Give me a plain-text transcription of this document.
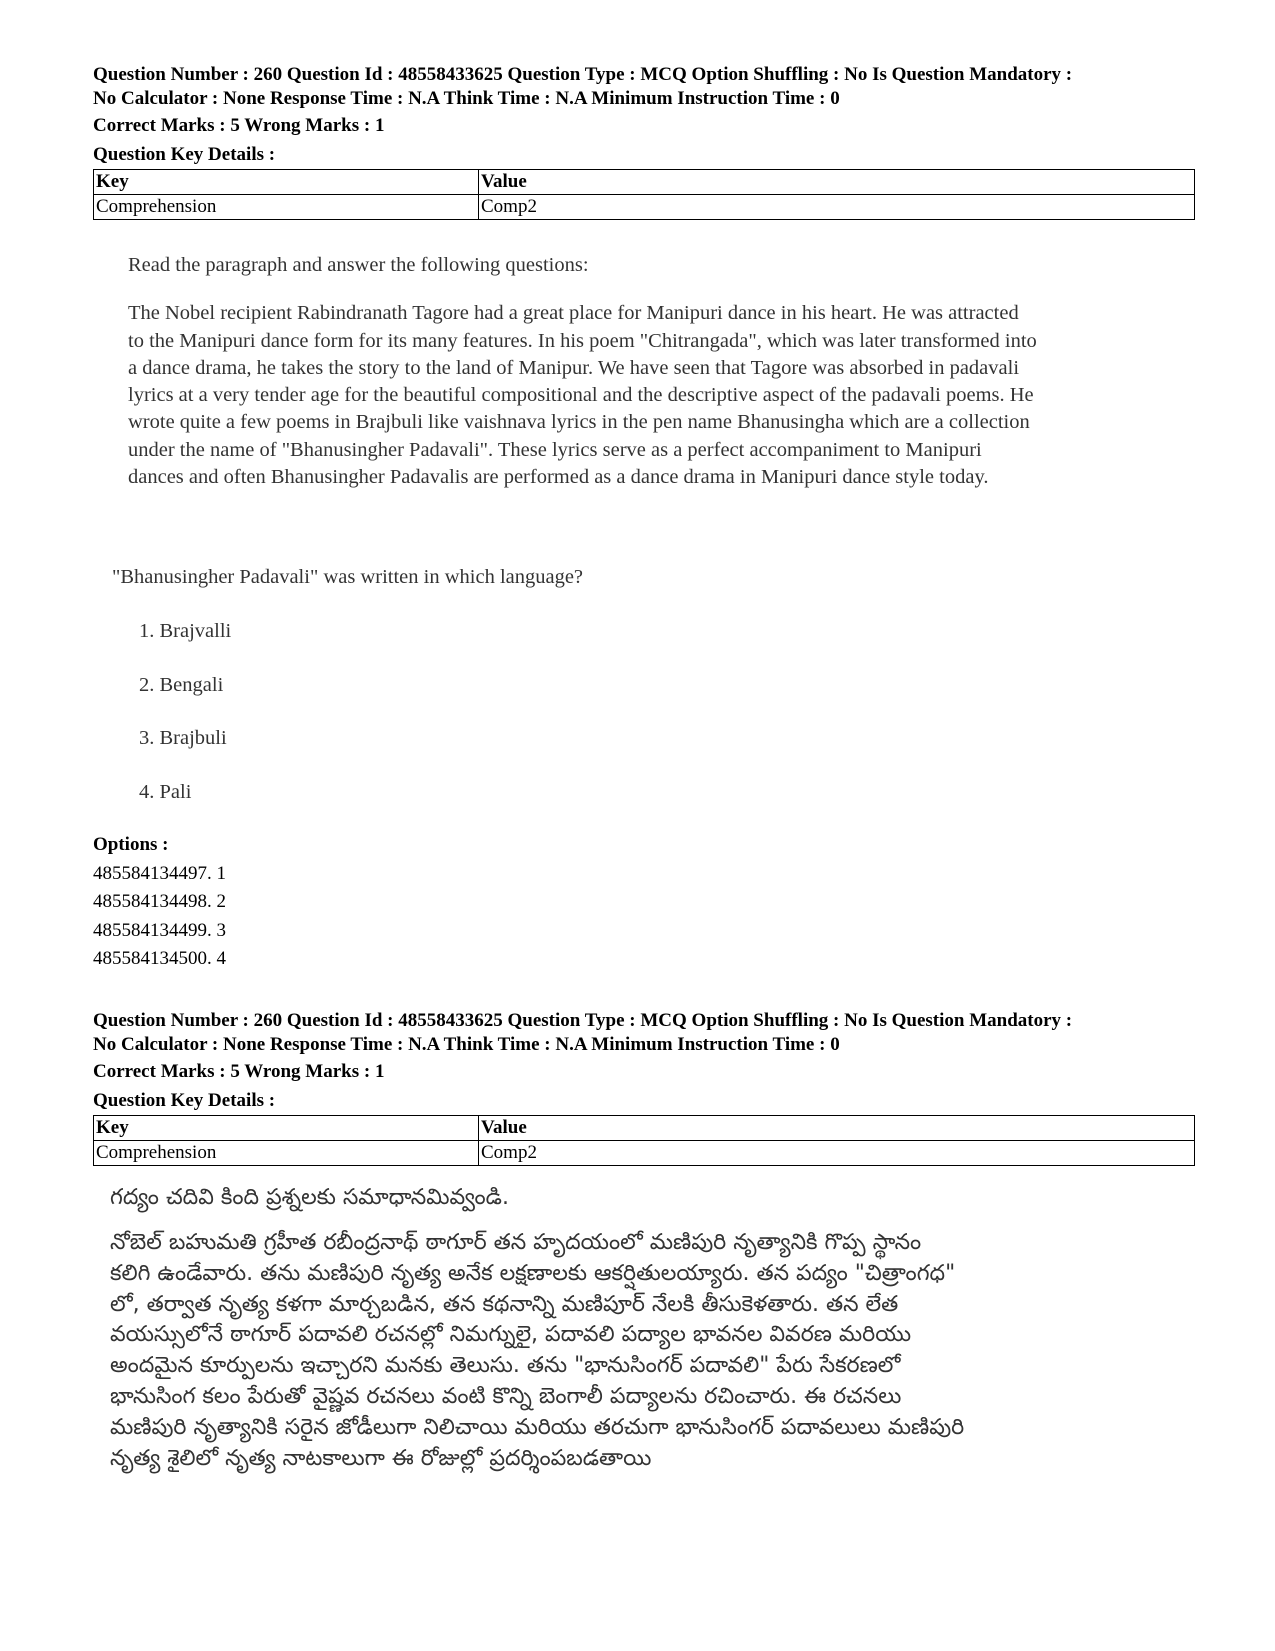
Question Number : 260 Question Id : 48558433625 Question Type : MCQ Option Shuffling : No Is Question Mandatory :

No Calculator : None Response Time : N.A Think Time : N.A Minimum Instruction Time : 0

Correct Marks : 5 Wrong Marks : 1
Question Key Details :
Key	Value
Comprehension	Comp2

Read the paragraph and answer the following questions:

The Nobel recipient Rabindranath Tagore had a great place for Manipuri dance in his heart. He was attracted

to the Manipuri dance form for its many features. In his poem "Chitrangada", which was later transformed into

a dance drama, he takes the story to the land of Manipur. We have seen that Tagore was absorbed in padavali

lyrics at a very tender age for the beautiful compositional and the descriptive aspect of the padavali poems. He

wrote quite a few poems in Brajbuli like vaishnava lyrics in the pen name Bhanusingha which are a collection

under the name of "Bhanusingher Padavali". These lyrics serve as a perfect accompaniment to Manipuri

dances and often Bhanusingher Padavalis are performed as a dance drama in Manipuri dance style today.

"Bhanusingher Padavali" was written in which language?
1. Brajvalli
2. Bengali
3. Brajbuli
4. Pali
Options :
485584134497. 1
485584134498. 2
485584134499. 3
485584134500. 4

Question Number : 260 Question Id : 48558433625 Question Type : MCQ Option Shuffling : No Is Question Mandatory :

No Calculator : None Response Time : N.A Think Time : N.A Minimum Instruction Time : 0

Correct Marks : 5 Wrong Marks : 1
Question Key Details :
Key	Value
Comprehension	Comp2

గద్యం చదివి కింది ప్రశ్నలకు సమాధానమివ్వండి.

నోబెల్ బహుమతి గ్రహీత రబీంద్రనాథ్ ఠాగూర్ తన హృదయంలో మణిపురి నృత్యానికి గొప్ప స్థానం

కలిగి ఉండేవారు. తను మణిపురి నృత్య అనేక లక్షణాలకు ఆకర్షితులయ్యారు. తన పద్యం "చిత్రాంగధ"

లో, తర్వాత నృత్య కళగా మార్చబడిన, తన కథనాన్ని మణిపూర్ నేలకి తీసుకెళతారు. తన లేత

వయస్సులోనే ఠాగూర్ పదావలి రచనల్లో నిమగ్నులై, పదావలి పద్యాల భావనల వివరణ మరియు

అందమైన కూర్పులను ఇచ్చారని మనకు తెలుసు. తను "భానుసింగర్ పదావలి" పేరు సేకరణలో

భానుసింగ కలం పేరుతో వైష్ణవ రచనలు వంటి కొన్ని బెంగాలీ పద్యాలను రచించారు. ఈ రచనలు

మణిపురి నృత్యానికి సరైన జోడీలుగా నిలిచాయి మరియు తరచుగా భానుసింగర్ పదావలులు మణిపురి

నృత్య శైలిలో నృత్య నాటకాలుగా ఈ రోజుల్లో ప్రదర్శింపబడతాయి
